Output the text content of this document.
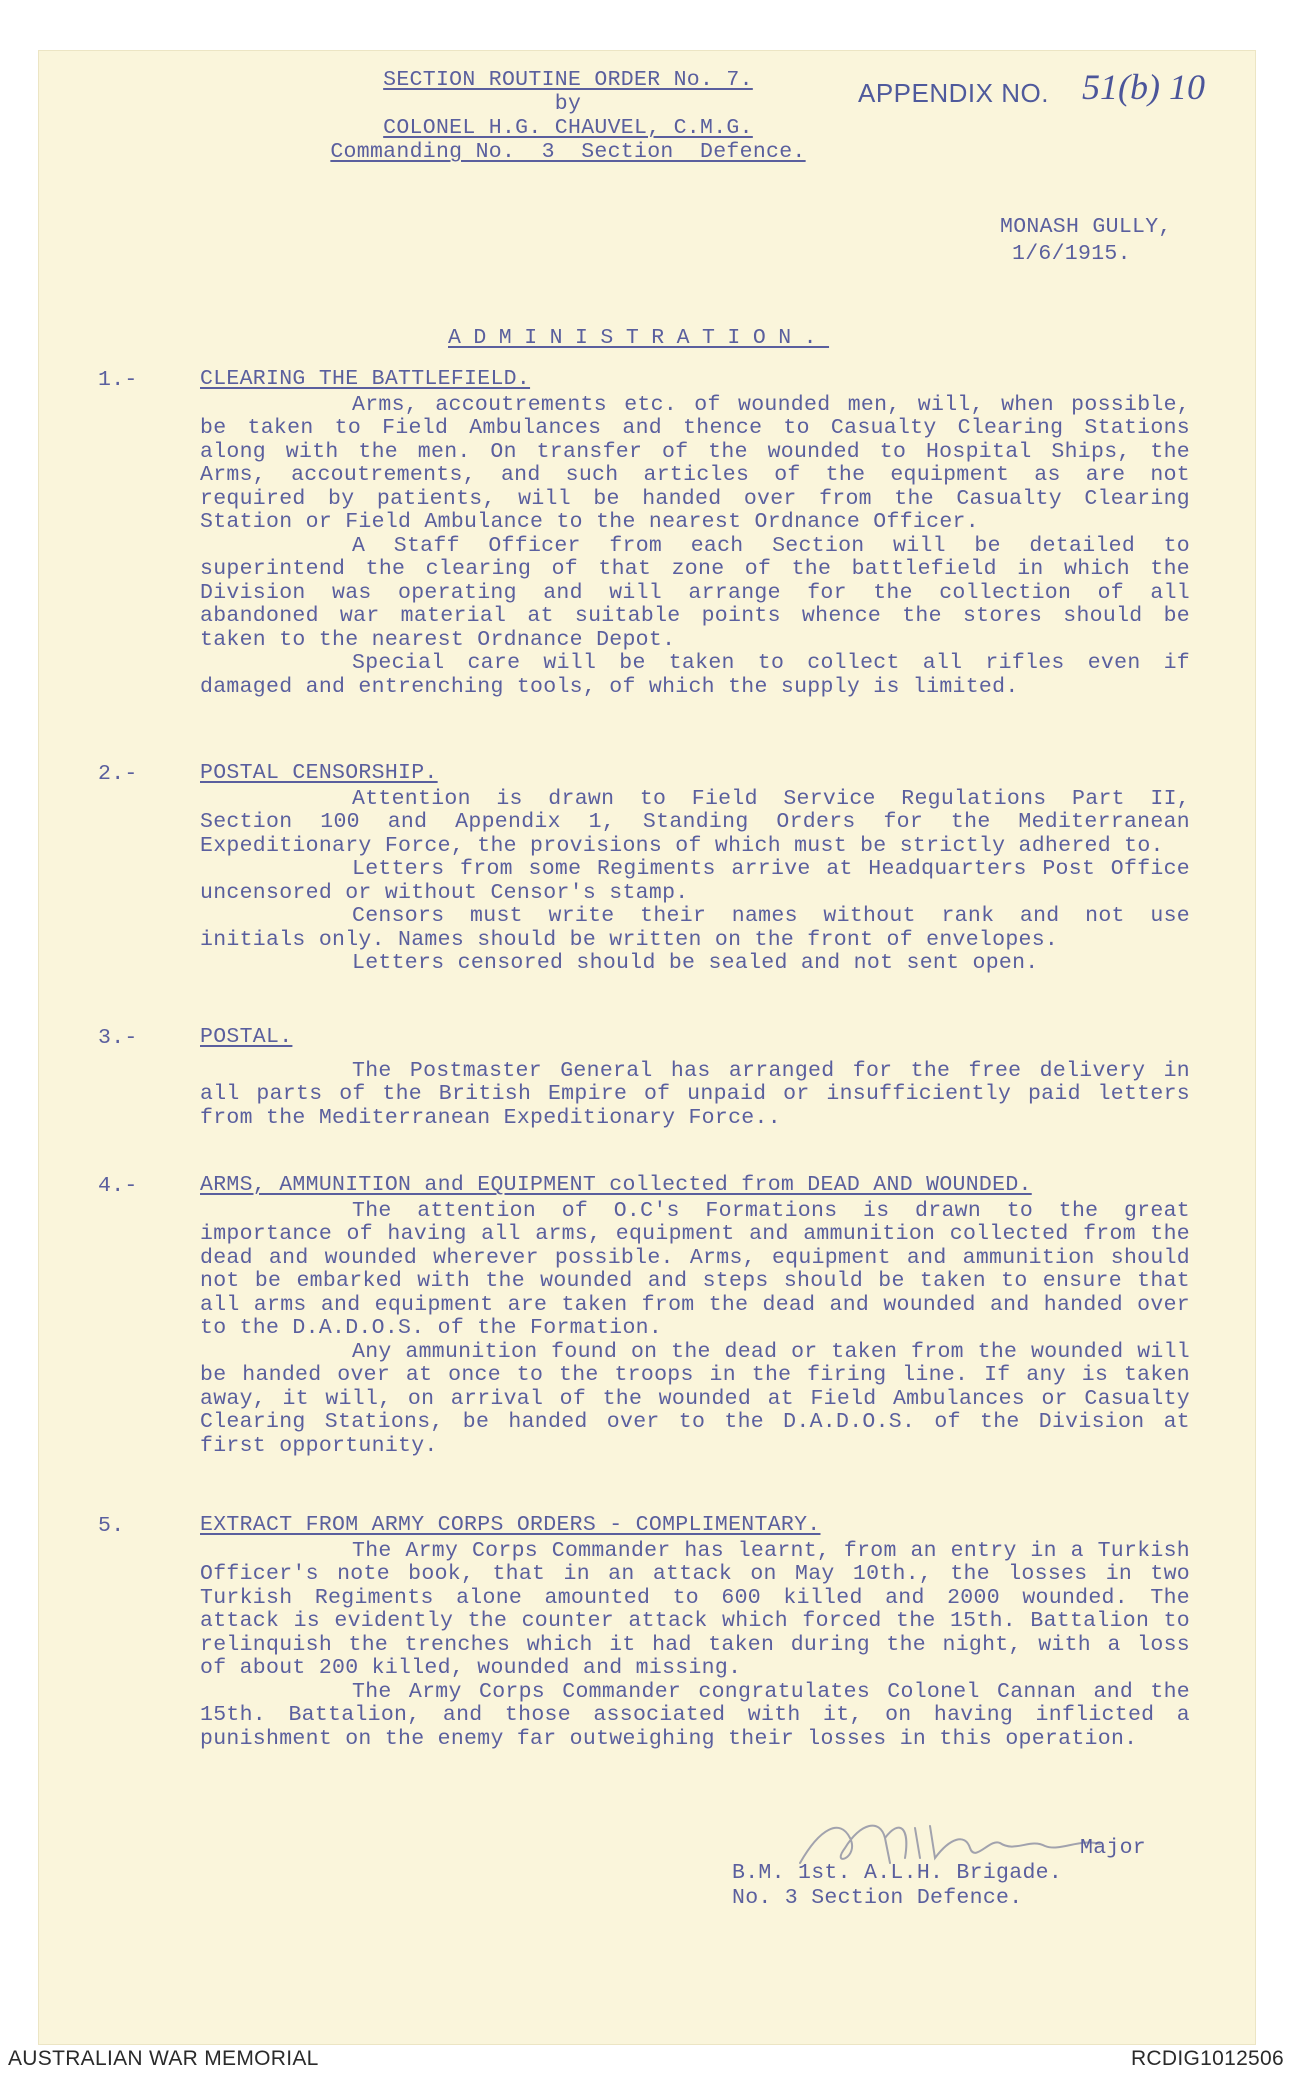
SECTION ROUTINE ORDER No. 7.
by
COLONEL H.G. CHAUVEL, C.M.G.
Commanding No.  3  Section  Defence.
APPENDIX NO. 51(b) 10
MONASH GULLY,
1/6/1915.
ADMINISTRATION.
1.-
2.-
3.-
4.-
5.
CLEARING THE BATTLEFIELD.

Arms, accoutrements etc. of wounded men, will, when possible, be taken to Field Ambulances and thence to Casualty Clearing Stations along with the men. On transfer of the wounded to Hospital Ships, the Arms, accoutrements, and such articles of the equipment as are not required by patients, will be handed over from the Casualty Clearing Station or Field Ambulance to the nearest Ordnance Officer.

A Staff Officer from each Section will be detailed to superintend the clearing of that zone of the battlefield in which the Division was operating and will arrange for the collection of all abandoned war material at suitable points whence the stores should be taken to the nearest Ordnance Depot.

Special care will be taken to collect all rifles even if damaged and entrenching tools, of which the supply is limited.

POSTAL CENSORSHIP.

Attention is drawn to Field Service Regulations Part II, Section 100 and Appendix 1, Standing Orders for the Mediterranean Expeditionary Force, the provisions of which must be strictly adhered to.

Letters from some Regiments arrive at Headquarters Post Office uncensored or without Censor's stamp.

Censors must write their names without rank and not use initials only. Names should be written on the front of envelopes.

Letters censored should be sealed and not sent open.

POSTAL.

The Postmaster General has arranged for the free delivery in all parts of the British Empire of unpaid or insufficiently paid letters from the Mediterranean Expeditionary Force..

ARMS, AMMUNITION and EQUIPMENT collected from DEAD AND WOUNDED.

The attention of O.C's Formations is drawn to the great importance of having all arms, equipment and ammunition collected from the dead and wounded wherever possible. Arms, equipment and ammunition should not be embarked with the wounded and steps should be taken to ensure that all arms and equipment are taken from the dead and wounded and handed over to the D.A.D.O.S. of the Formation.

Any ammunition found on the dead or taken from the wounded will be handed over at once to the troops in the firing line. If any is taken away, it will, on arrival of the wounded at Field Ambulances or Casualty Clearing Stations, be handed over to the D.A.D.O.S. of the Division at first opportunity.

EXTRACT FROM ARMY CORPS ORDERS - COMPLIMENTARY.

The Army Corps Commander has learnt, from an entry in a Turkish Officer's note book, that in an attack on May 10th., the losses in two Turkish Regiments alone amounted to 600 killed and 2000 wounded. The attack is evidently the counter attack which forced the 15th. Battalion to relinquish the trenches which it had taken during the night, with a loss of about 200 killed, wounded and missing.

The Army Corps Commander congratulates Colonel Cannan and the 15th. Battalion, and those associated with it, on having inflicted a punishment on the enemy far outweighing their losses in this operation.

Major
B.M. 1st. A.L.H. Brigade.
No. 3 Section Defence.
AUSTRALIAN WAR MEMORIAL	RCDIG1012506
